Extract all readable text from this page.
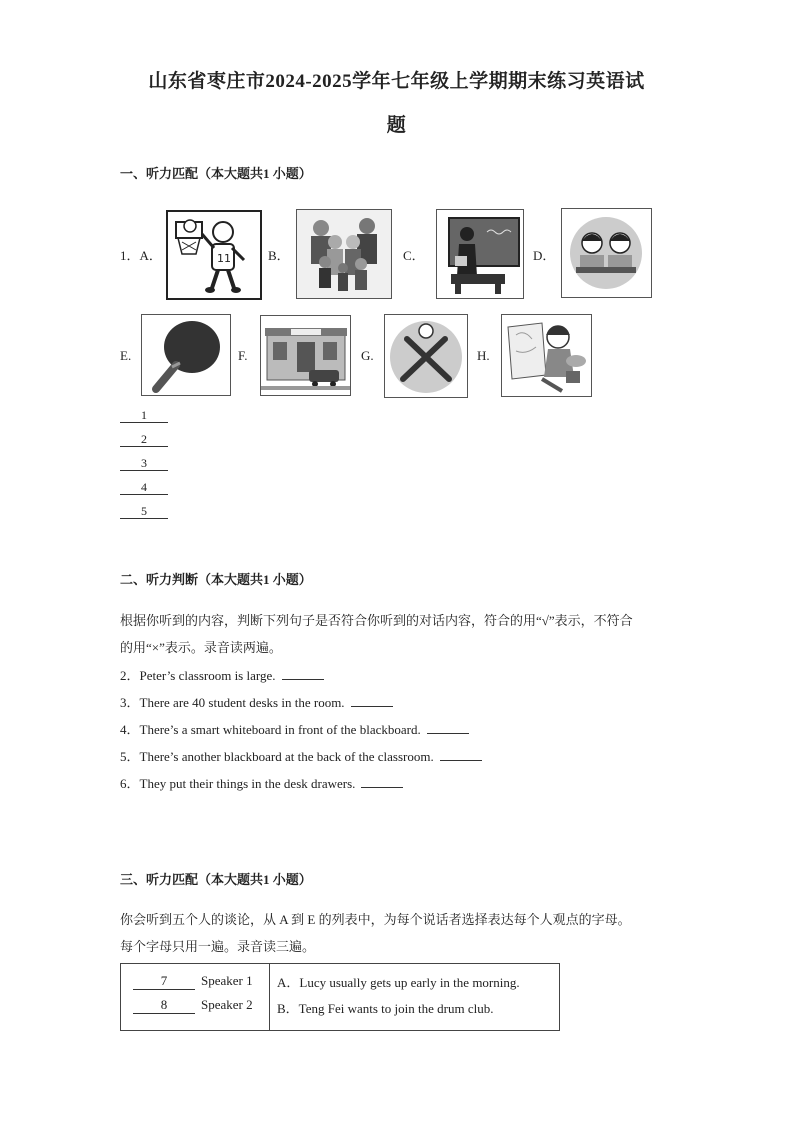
山东省枣庄市2024-2025学年七年级上学期期末练习英语试
题
一、听力匹配（本大题共1 小题）
1．A．	11	B．	C．	D．
E.	F.	G.	H.
1
2
3
4
5
二、听力判断（本大题共1 小题）
根据你听到的内容，判断下列句子是否符合你听到的对话内容，符合的用“√”表示，不符合
的用“×”表示。录音读两遍。
2．Peter’s classroom is large.
3．There are 40 student desks in the room.
4．There’s a smart whiteboard in front of the blackboard.
5．There’s another blackboard at the back of the classroom.
6．They put their things in the desk drawers.
三、听力匹配（本大题共1 小题）
你会听到五个人的谈论，从 A 到 E 的列表中，为每个说话者选择表达每个人观点的字母。
每个字母只用一遍。录音读三遍。
7	Speaker 1
8	Speaker 2
A．Lucy usually gets up early in the morning.
B．Teng Fei wants to join the drum club.
